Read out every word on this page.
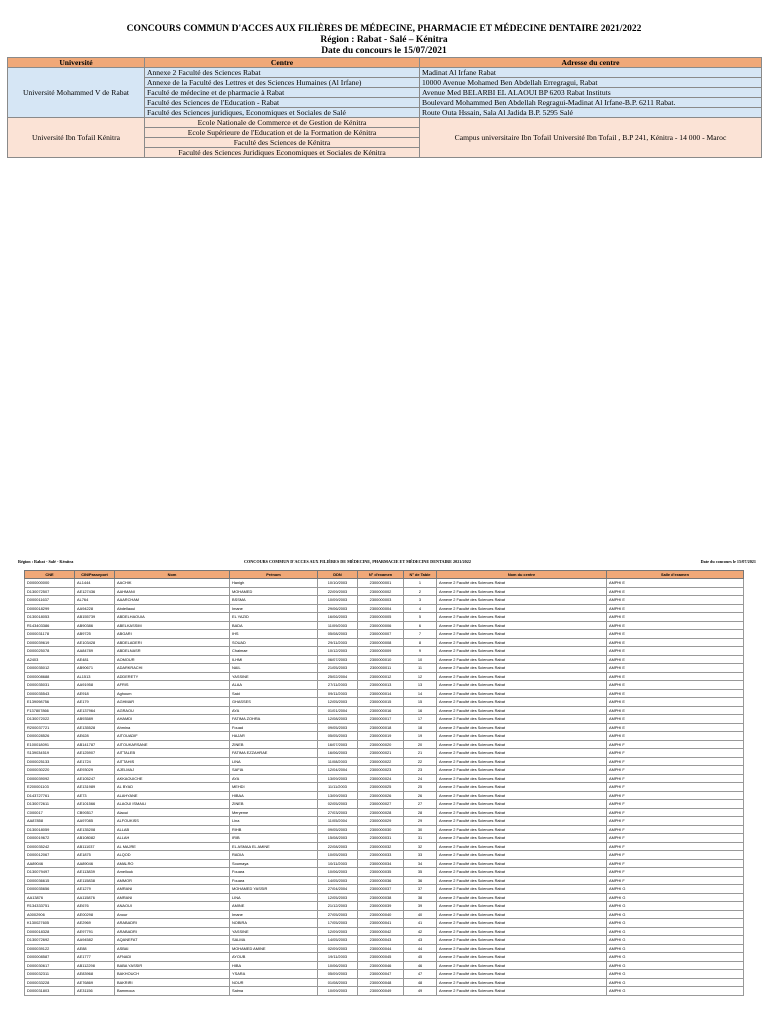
CONCOURS COMMUN D'ACCES AUX FILIÈRES DE MÉDECINE, PHARMACIE ET MÉDECINE DENTAIRE 2021/2022
Région : Rabat - Salé – Kénitra
Date du concours le 15/07/2021
Université	Centre	Adresse du centre
Université Mohammed V de Rabat	Annexe 2 Faculté des Sciences Rabat	Madinat Al Irfane Rabat
	Annexe de la Faculté des Lettres et des Sciences Humaines (Al Irfane)	10000 Avenue Mohamed Ben Abdellah Erregragui, Rabat
	Faculté de médecine et de pharmacie à Rabat	Avenue Med BELARBI EL ALAOUI BP 6203 Rabat Instituts
	Faculté des Sciences de l'Education - Rabat	Boulevard Mohammed Ben Abdellah Regragui-Madinat Al Irfane-B.P. 6211 Rabat.
	Faculté des Sciences juridiques, Economiques et Sociales de Salé	Route Outa Hssain, Sala Al Jadida B.P. 5295 Salé
Université Ibn Tofail Kénitra	Ecole Nationale de Commerce et de Gestion de Kénitra	Campus universitaire Ibn Tofail Université Ibn Tofail , B.P 241, Kénitra - 14 000 - Maroc
	Ecole Supérieure de l'Education et de la Formation de Kénitra	
	Faculté des Sciences de Kénitra	
	Faculté des Sciences Juridiques Economiques et Sociales de Kénitra	
Région : Rabat - Salé - Kénitra	CONCOURS COMMUN D'ACCES AUX FILIÈRES DE MÉDECINE, PHARMACIE ET MÉDECINE DENTAIRE 2021/2022	Date du concours le 15/07/2021
CNE	CIN/Passeport	Nom	Prénom	DDN	N° d'examen	N° de Table	Nom du centre	Salle d'examen
D000000000	AL1444	AACHIK	Hanigh	10/10/2003	2300000001	1	Annexe 2 Faculté des Sciences Rabat	AMPHI E
D130072507	AE127436	AAHMANI	MOHAMED	22/09/2003	2300000002	2	Annexe 2 Faculté des Sciences Rabat	AMPHI E
D000011637	AL764	AAARCHAM	BSSMA	10/09/2003	2300000003	3	Annexe 2 Faculté des Sciences Rabat	AMPHI E
D000018299	AA94228	Abdellaoui	Imane	29/06/2003	2300000004	4	Annexe 2 Faculté des Sciences Rabat	AMPHI E
D130018053	AB155739	ABDELHAOUIA	EL YAZID	16/06/2003	2300000005	5	Annexe 2 Faculté des Sciences Rabat	AMPHI E
R143403386	AB90386	ABELKASSIM	BADA	11/09/2003	2300000006	6	Annexe 2 Faculté des Sciences Rabat	AMPHI E
D000031178	AB9725	ABGARI	IHS	05/08/2003	2300000007	7	Annexe 2 Faculté des Sciences Rabat	AMPHI E
D000039619	AE103428	ABDELADERI	SOUAD	29/11/2003	2300000008	8	Annexe 2 Faculté des Sciences Rabat	AMPHI E
D000025078	AA84789	ABDELNASR	Chaimae	10/12/2003	2300000009	9	Annexe 2 Faculté des Sciences Rabat	AMPHI E
A2403	AE481	AOMOUR	ILHMI	06/07/2003	2300000010	10	Annexe 2 Faculté des Sciences Rabat	AMPHI E
D000035012	AB90671	ADARKRACHI	NAIL	21/05/2003	2300000011	11	Annexe 2 Faculté des Sciences Rabat	AMPHI E
D000008688	AL1513	ADDERETY	YASSINE	25/02/2004	2300000012	12	Annexe 2 Faculté des Sciences Rabat	AMPHI E
D000035031	AA91958	AFRIS	ALAA	27/11/2003	2300000013	13	Annexe 2 Faculté des Sciences Rabat	AMPHI E
D000035543	AE918	Aghoum	Said	09/11/2003	2300000014	14	Annexe 2 Faculté des Sciences Rabat	AMPHI E
E139098756	AE179	AGHMAR	GHASSES	12/05/2003	2300000015	15	Annexe 2 Faculté des Sciences Rabat	AMPHI E
F137807866	AE137964	AGRAOU	AYA	01/01/2004	2300000016	16	Annexe 2 Faculté des Sciences Rabat	AMPHI E
D130072022	AB93589	AHAMDI	FATIMA ZOHRA	12/08/2003	2300000017	17	Annexe 2 Faculté des Sciences Rabat	AMPHI E
R200037721	AE135528	Ahmina	Fouad	09/05/2003	2300000018	18	Annexe 2 Faculté des Sciences Rabat	AMPHI E
D000028526	AE628	AITOUADIF	HAJAR	05/05/2003	2300000019	19	Annexe 2 Faculté des Sciences Rabat	AMPHI E
E100018091	AB141787	AITOUKARSANE	ZINEB	16/07/2003	2300000020	20	Annexe 2 Faculté des Sciences Rabat	AMPHI F
S139034519	AE125907	AITTALEB	FATIMA EZZAHRAE	16/06/2003	2300000021	21	Annexe 2 Faculté des Sciences Rabat	AMPHI F
D000025133	AE1724	AITTAHIS	LINA	11/08/2003	2300000022	22	Annexe 2 Faculté des Sciences Rabat	AMPHI F
D000030220	AE93029	AJELMAJ	SAFIA	12/04/2004	2300000023	23	Annexe 2 Faculté des Sciences Rabat	AMPHI F
D000039092	AE105247	AKKAOUICHE	AYA	13/09/2003	2300000024	24	Annexe 2 Faculté des Sciences Rabat	AMPHI F
E200001103	AE131989	AL BYAD	MEHDI	11/11/2003	2300000025	25	Annexe 2 Faculté des Sciences Rabat	AMPHI F
D143727761	AE73	ALAHYANE	HIBAA	13/09/2003	2300000026	26	Annexe 2 Faculté des Sciences Rabat	AMPHI F
D130072611	AE101566	ALAOUI ISMAILI	ZINEB	02/05/2003	2300000027	27	Annexe 2 Faculté des Sciences Rabat	AMPHI F
C000017	CB90517	Alaoui	Meryeme	27/03/2003	2300000028	28	Annexe 2 Faculté des Sciences Rabat	AMPHI F
AA87858	AA97085	ALFOUKISS	Lina	11/05/2004	2300000029	29	Annexe 2 Faculté des Sciences Rabat	AMPHI F
D130018059	AE135208	ALLAB	RIHB	09/05/2003	2300000030	30	Annexe 2 Faculté des Sciences Rabat	AMPHI F
D000019672	AB108082	ALLAH	IRIB	15/08/2003	2300000031	31	Annexe 2 Faculté des Sciences Rabat	AMPHI F
D000035242	AB111037	AL MAJRE	EL ASMAA EL AMINE	22/08/2003	2300000032	32	Annexe 2 Faculté des Sciences Rabat	AMPHI F
D000012067	AE1875	ALQOD	RADIA	10/05/2003	2300000033	33	Annexe 2 Faculté des Sciences Rabat	AMPHI F
AA89046	AA89046	AMALRO	Soumaya	10/11/2003	2300000034	34	Annexe 2 Faculté des Sciences Rabat	AMPHI F
D130079497	AE113839	Amellouk	Fouara	10/06/2003	2300000035	35	Annexe 2 Faculté des Sciences Rabat	AMPHI F
D000036615	AE115838	AMMOR	Fouara	14/05/2003	2300000036	36	Annexe 2 Faculté des Sciences Rabat	AMPHI F
D000035656	AE1279	AMRANI	MOHAMED YASSIR	27/04/2004	2300000037	37	Annexe 2 Faculté des Sciences Rabat	AMPHI G
AA13876	AA115876	AMRANI	LINA	12/05/2003	2300000038	38	Annexe 2 Faculté des Sciences Rabat	AMPHI G
R134333751	AE676	ANAOUI	AMINE	21/12/2003	2300000039	39	Annexe 2 Faculté des Sciences Rabat	AMPHI G
A0002906	AE00298	Anour	Imane	27/05/2003	2300000040	40	Annexe 2 Faculté des Sciences Rabat	AMPHI G
K130027605	AE2969	ARABADRI	NOBIRA	17/05/2003	2300000041	41	Annexe 2 Faculté des Sciences Rabat	AMPHI G
D000018328	AE97791	ARABADRI	YASSINE	12/09/2003	2300000042	42	Annexe 2 Faculté des Sciences Rabat	AMPHI G
D130072692	AA94582	AQANEFAT	SALMA	14/05/2003	2300000043	43	Annexe 2 Faculté des Sciences Rabat	AMPHI G
D000039122	AE88	ASBAI	MOHAMED AMINE	02/09/2003	2300000044	44	Annexe 2 Faculté des Sciences Rabat	AMPHI G
D000008587	AE1777	AFNADI	AYOUB	19/11/2003	2300000045	45	Annexe 2 Faculté des Sciences Rabat	AMPHI G
D000030617	AB112298	BABA YASSIR	HIBA	10/06/2003	2300000046	46	Annexe 2 Faculté des Sciences Rabat	AMPHI G
D000032311	AE83968	BAKHOUCH	YSARA	05/09/2003	2300000047	47	Annexe 2 Faculté des Sciences Rabat	AMPHI G
D000033228	AE76869	BAKRIRI	NOUR	01/08/2003	2300000048	48	Annexe 2 Faculté des Sciences Rabat	AMPHI G
D000031803	AE31156	Bammoca	Salma	10/09/2003	2300000049	49	Annexe 2 Faculté des Sciences Rabat	AMPHI G
